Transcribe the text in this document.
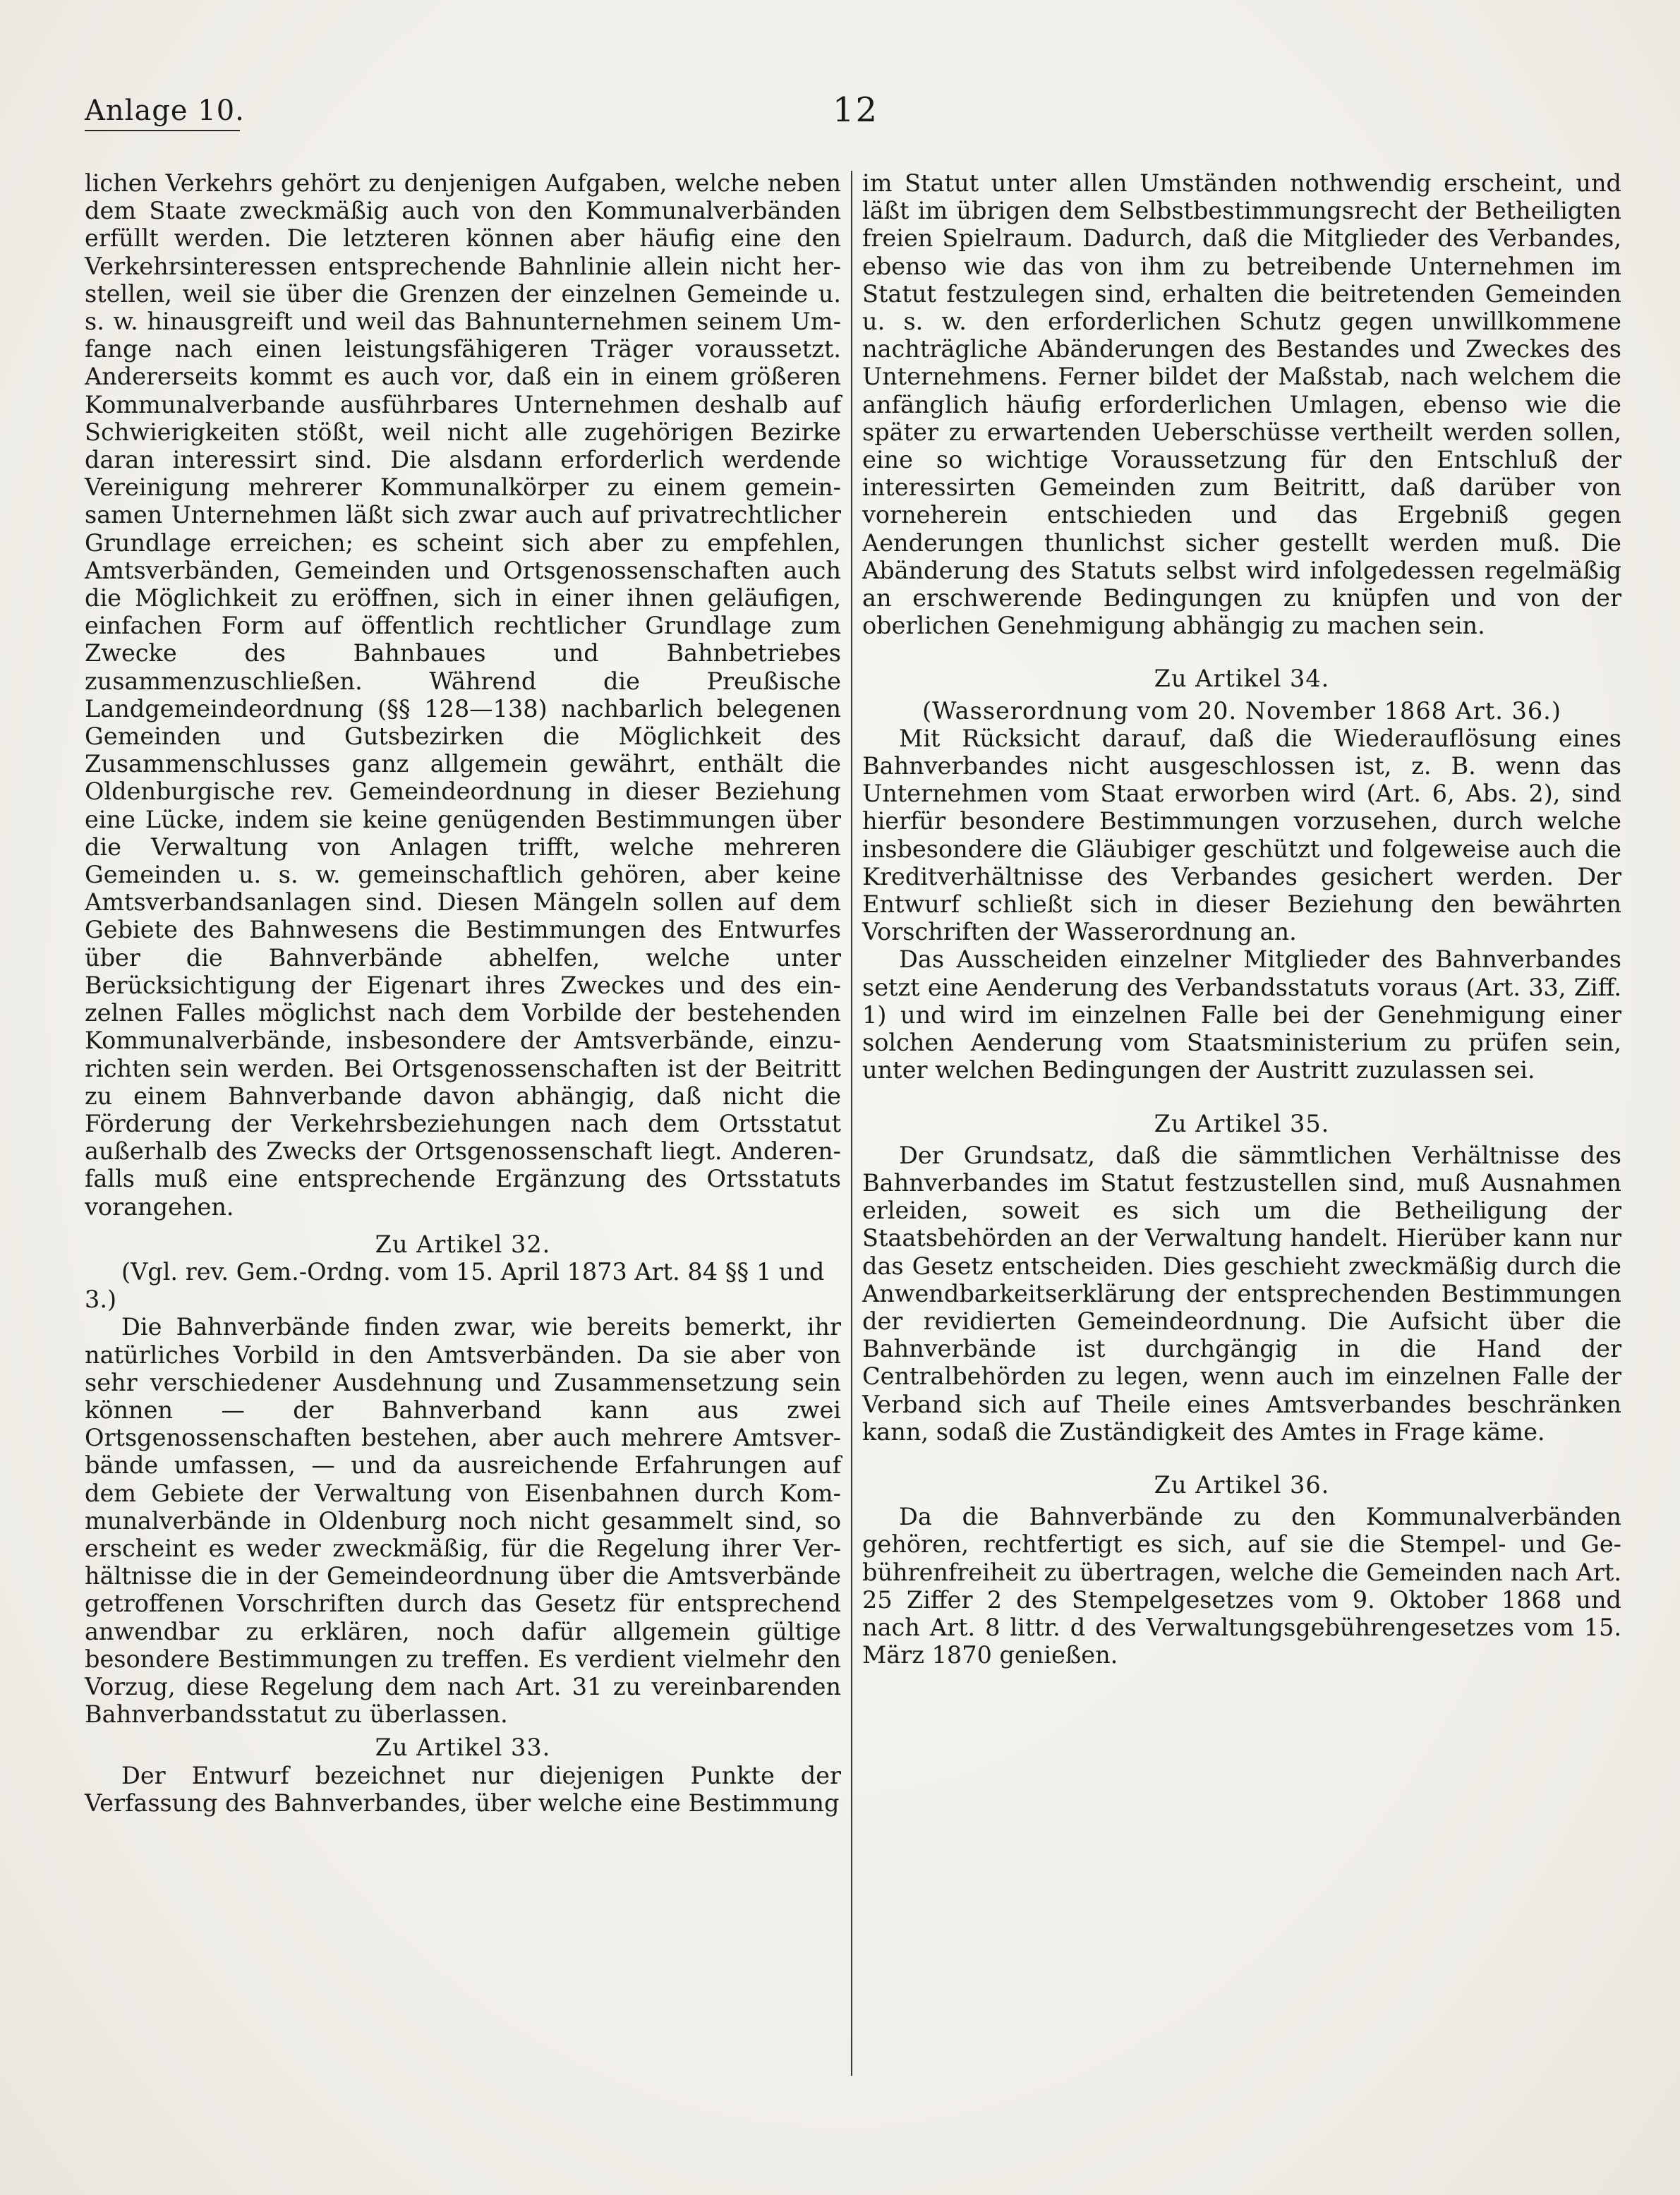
Anlage 10.	12

lichen Verkehrs gehört zu denjenigen Aufgaben, welche neben dem Staate zweckmäßig auch von den Kommunalverbänden erfüllt werden. Die letzteren können aber häufig eine den Verkehrsinteressen entsprechende Bahnlinie allein nicht herstellen, weil sie über die Grenzen der einzelnen Gemeinde u. s. w. hinausgreift und weil das Bahnunternehmen seinem Umfange nach einen leistungsfähigeren Träger voraussetzt. Andererseits kommt es auch vor, daß ein in einem größeren Kommunalverbande ausführbares Unternehmen deshalb auf Schwierigkeiten stößt, weil nicht alle zugehörigen Bezirke daran interessirt sind. Die alsdann erforderlich werdende Vereinigung mehrerer Kommunalkörper zu einem gemeinsamen Unternehmen läßt sich zwar auch auf privatrechtlicher Grundlage erreichen; es scheint sich aber zu empfehlen, Amtsverbänden, Gemeinden und Ortsgenossenschaften auch die Möglichkeit zu eröffnen, sich in einer ihnen geläufigen, einfachen Form auf öffentlich rechtlicher Grundlage zum Zwecke des Bahnbaues und Bahnbetriebes zusammenzuschließen. Während die Preußische Landgemeindeordnung (§§ 128—138) nachbarlich belegenen Gemeinden und Gutsbezirken die Möglichkeit des Zusammenschlusses ganz allgemein gewährt, enthält die Oldenburgische rev. Gemeindeordnung in dieser Beziehung eine Lücke, indem sie keine genügenden Bestimmungen über die Verwaltung von Anlagen trifft, welche mehreren Gemeinden u. s. w. gemeinschaftlich gehören, aber keine Amtsverbandsanlagen sind. Diesen Mängeln sollen auf dem Gebiete des Bahnwesens die Bestimmungen des Entwurfes über die Bahnverbände abhelfen, welche unter Berücksichtigung der Eigenart ihres Zweckes und des einzelnen Falles möglichst nach dem Vorbilde der bestehenden Kommunalverbände, insbesondere der Amtsverbände, einzurichten sein werden. Bei Ortsgenossenschaften ist der Beitritt zu einem Bahnverbande davon abhängig, daß nicht die Förderung der Verkehrsbeziehungen nach dem Ortsstatut außerhalb des Zwecks der Ortsgenossenschaft liegt. Anderenfalls muß eine entsprechende Ergänzung des Ortsstatuts vorangehen.

Zu Artikel 32.

(Vgl. rev. Gem.-Ordng. vom 15. April 1873 Art. 84 §§ 1 und 3.)

Die Bahnverbände finden zwar, wie bereits bemerkt, ihr natürliches Vorbild in den Amtsverbänden. Da sie aber von sehr verschiedener Ausdehnung und Zusammensetzung sein können — der Bahnverband kann aus zwei Ortsgenossenschaften bestehen, aber auch mehrere Amtsverbände umfassen, — und da ausreichende Erfahrungen auf dem Gebiete der Verwaltung von Eisenbahnen durch Kommunalverbände in Oldenburg noch nicht gesammelt sind, so erscheint es weder zweckmäßig, für die Regelung ihrer Verhältnisse die in der Gemeindeordnung über die Amtsverbände getroffenen Vorschriften durch das Gesetz für entsprechend anwendbar zu erklären, noch dafür allgemein gültige besondere Bestimmungen zu treffen. Es verdient vielmehr den Vorzug, diese Regelung dem nach Art. 31 zu vereinbarenden Bahnverbandsstatut zu überlassen.

Zu Artikel 33.

Der Entwurf bezeichnet nur diejenigen Punkte der Verfassung des Bahnverbandes, über welche eine Bestimmung

im Statut unter allen Umständen nothwendig erscheint, und läßt im übrigen dem Selbstbestimmungsrecht der Betheiligten freien Spielraum. Dadurch, daß die Mitglieder des Verbandes, ebenso wie das von ihm zu betreibende Unternehmen im Statut festzulegen sind, erhalten die beitretenden Gemeinden u. s. w. den erforderlichen Schutz gegen unwillkommene nachträgliche Abänderungen des Bestandes und Zweckes des Unternehmens. Ferner bildet der Maßstab, nach welchem die anfänglich häufig erforderlichen Umlagen, ebenso wie die später zu erwartenden Ueberschüsse vertheilt werden sollen, eine so wichtige Voraussetzung für den Entschluß der interessirten Gemeinden zum Beitritt, daß darüber von vorneherein entschieden und das Ergebniß gegen Aenderungen thunlichst sicher gestellt werden muß. Die Abänderung des Statuts selbst wird infolgedessen regelmäßig an erschwerende Bedingungen zu knüpfen und von der oberlichen Genehmigung abhängig zu machen sein.

Zu Artikel 34.

(Wasserordnung vom 20. November 1868 Art. 36.)

Mit Rücksicht darauf, daß die Wiederauflösung eines Bahnverbandes nicht ausgeschlossen ist, z. B. wenn das Unternehmen vom Staat erworben wird (Art. 6, Abs. 2), sind hierfür besondere Bestimmungen vorzusehen, durch welche insbesondere die Gläubiger geschützt und folgeweise auch die Kreditverhältnisse des Verbandes gesichert werden. Der Entwurf schließt sich in dieser Beziehung den bewährten Vorschriften der Wasserordnung an.

Das Ausscheiden einzelner Mitglieder des Bahnverbandes setzt eine Aenderung des Verbandsstatuts voraus (Art. 33, Ziff. 1) und wird im einzelnen Falle bei der Genehmigung einer solchen Aenderung vom Staatsministerium zu prüfen sein, unter welchen Bedingungen der Austritt zuzulassen sei.

Zu Artikel 35.

Der Grundsatz, daß die sämmtlichen Verhältnisse des Bahnverbandes im Statut festzustellen sind, muß Ausnahmen erleiden, soweit es sich um die Betheiligung der Staatsbehörden an der Verwaltung handelt. Hierüber kann nur das Gesetz entscheiden. Dies geschieht zweckmäßig durch die Anwendbarkeitserklärung der entsprechenden Bestimmungen der revidierten Gemeindeordnung. Die Aufsicht über die Bahnverbände ist durchgängig in die Hand der Centralbehörden zu legen, wenn auch im einzelnen Falle der Verband sich auf Theile eines Amtsverbandes beschränken kann, sodaß die Zuständigkeit des Amtes in Frage käme.

Zu Artikel 36.

Da die Bahnverbände zu den Kommunalverbänden gehören, rechtfertigt es sich, auf sie die Stempel- und Gebührenfreiheit zu übertragen, welche die Gemeinden nach Art. 25 Ziffer 2 des Stempelgesetzes vom 9. Oktober 1868 und nach Art. 8 littr. d des Verwaltungsgebührengesetzes vom 15. März 1870 genießen.
